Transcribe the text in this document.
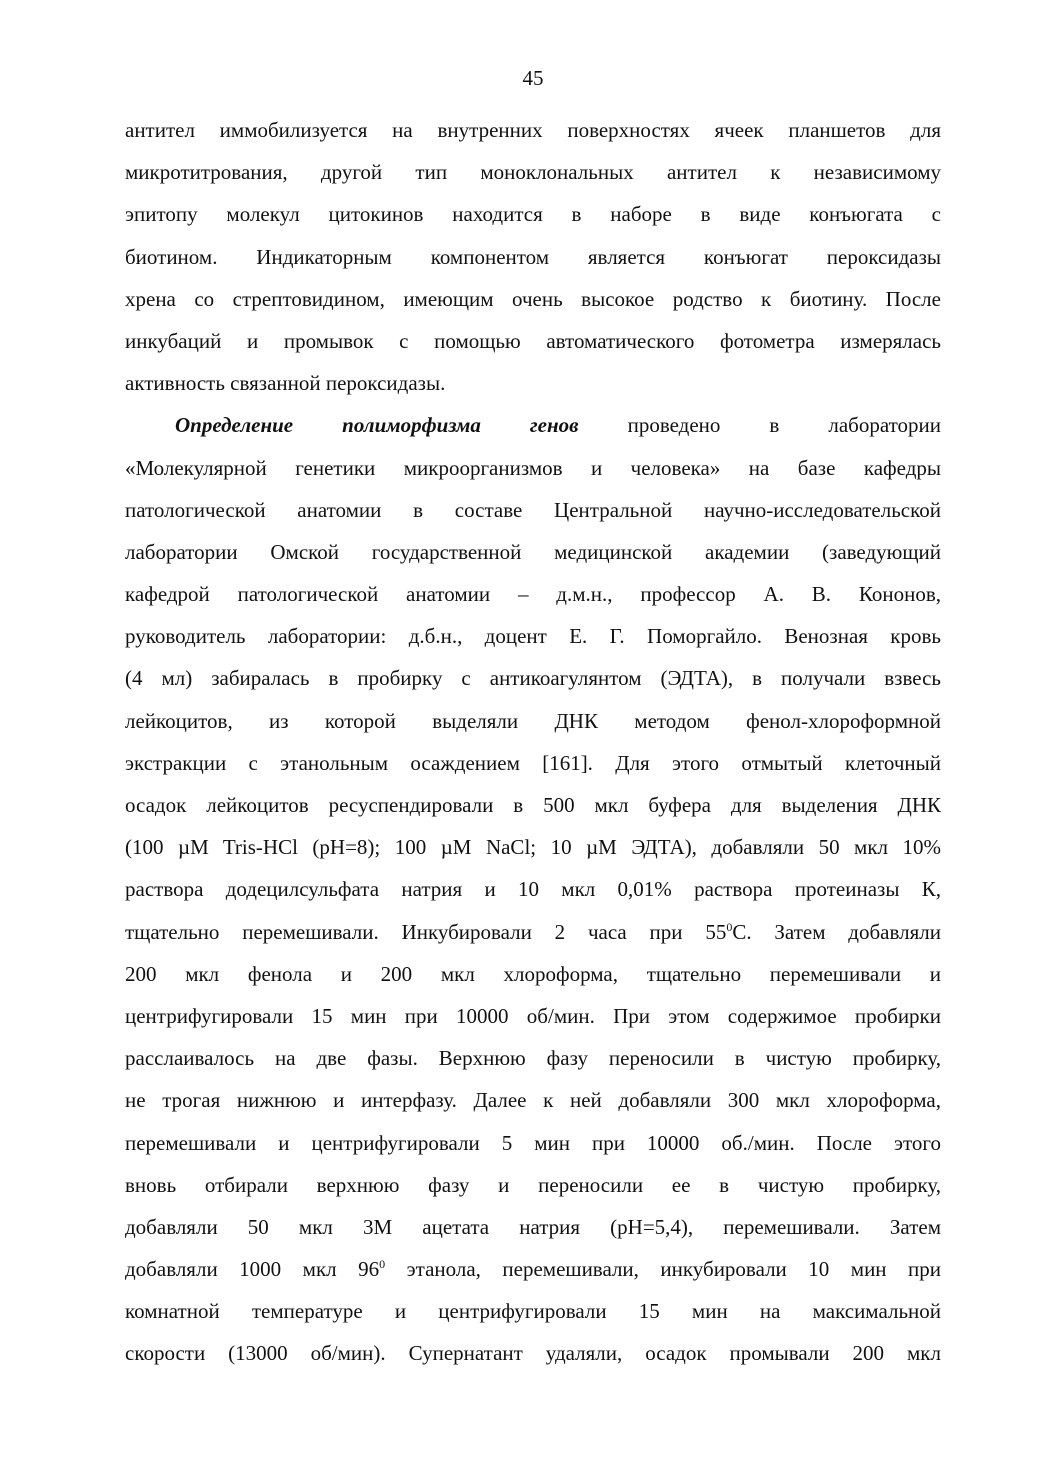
45
антител иммобилизуется на внутренних поверхностях ячеек планшетов для
микротитрования, другой тип моноклональных антител к независимому
эпитопу молекул цитокинов находится в наборе в виде конъюгата с
биотином. Индикаторным компонентом является конъюгат пероксидазы
хрена со стрептовидином, имеющим очень высокое родство к биотину. После
инкубаций и промывок с помощью автоматического фотометра измерялась
активность связанной пероксидазы.
Определение полиморфизма генов проведено в лаборатории
«Молекулярной генетики микроорганизмов и человека» на базе кафедры
патологической анатомии в составе Центральной научно-исследовательской
лаборатории Омской государственной медицинской академии (заведующий
кафедрой патологической анатомии – д.м.н., профессор А. В. Кононов,
руководитель лаборатории: д.б.н., доцент Е. Г. Поморгайло. Венозная кровь
(4 мл) забиралась в пробирку с антикоагулянтом (ЭДТА), в получали взвесь
лейкоцитов, из которой выделяли ДНК методом фенол-хлороформной
экстракции с этанольным осаждением [161]. Для этого отмытый клеточный
осадок лейкоцитов ресуспендировали в 500 мкл буфера для выделения ДНК
(100 µM Tris-HCl (pH=8); 100 µM NaCl; 10 µM ЭДТА), добавляли 50 мкл 10%
раствора додецилсульфата натрия и 10 мкл 0,01% раствора протеиназы К,
тщательно перемешивали. Инкубировали 2 часа при $55^0С$. Затем добавляли
200 мкл фенола и 200 мкл хлороформа, тщательно перемешивали и
центрифугировали 15 мин при 10000 об/мин. При этом содержимое пробирки
расслаивалось на две фазы. Верхнюю фазу переносили в чистую пробирку,
не трогая нижнюю и интерфазу. Далее к ней добавляли 300 мкл хлороформа,
перемешивали и центрифугировали 5 мин при 10000 об./мин. После этого
вновь отбирали верхнюю фазу и переносили ее в чистую пробирку,
добавляли 50 мкл 3М ацетата натрия (рН=5,4), перемешивали. Затем
добавляли 1000 мкл $96^0$ этанола, перемешивали, инкубировали 10 мин при
комнатной температуре и центрифугировали 15 мин на максимальной
скорости (13000 об/мин). Супернатант удаляли, осадок промывали 200 мкл
